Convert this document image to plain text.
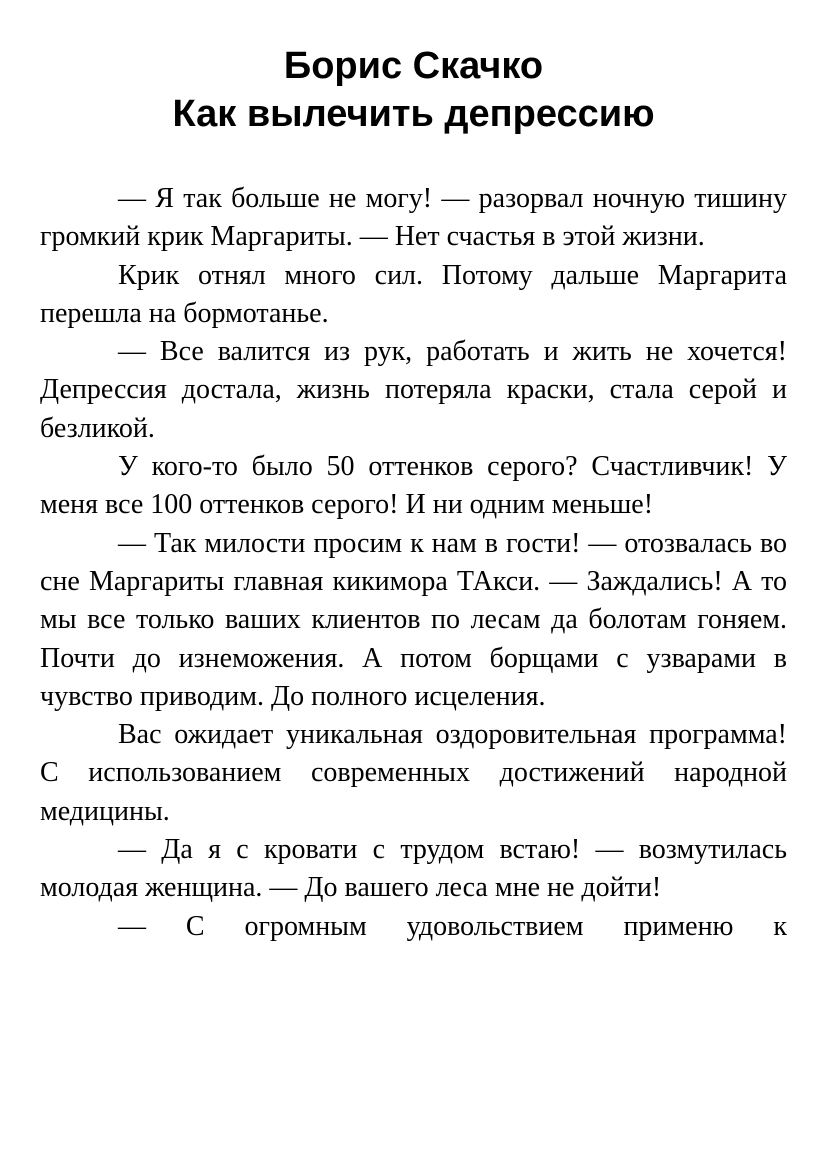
Борис Скачко
Как вылечить депрессию

— Я так больше не могу! — разорвал ночную тишину громкий крик Маргариты. — Нет счастья в этой жизни.

Крик отнял много сил. Потому дальше Маргарита перешла на бормотанье.

— Все валится из рук, работать и жить не хочется! Депрессия достала, жизнь потеряла краски, стала серой и безликой.

У кого-то было 50 оттенков серого? Счастливчик! У меня все 100 оттенков серого! И ни одним меньше!

— Так милости просим к нам в гости! — отозвалась во сне Маргариты главная кикимора ТАкси. — Заждались! А то мы все только ваших клиентов по лесам да болотам гоняем. Почти до изнеможения. А потом борщами с узварами в чувство приводим. До полного исцеления.

Вас ожидает уникальная оздоровительная программа! С использованием современных достижений народной медицины.

— Да я с кровати с трудом встаю! — возмутилась молодая женщина. — До вашего леса мне не дойти!

— С огромным удовольствием применю к
